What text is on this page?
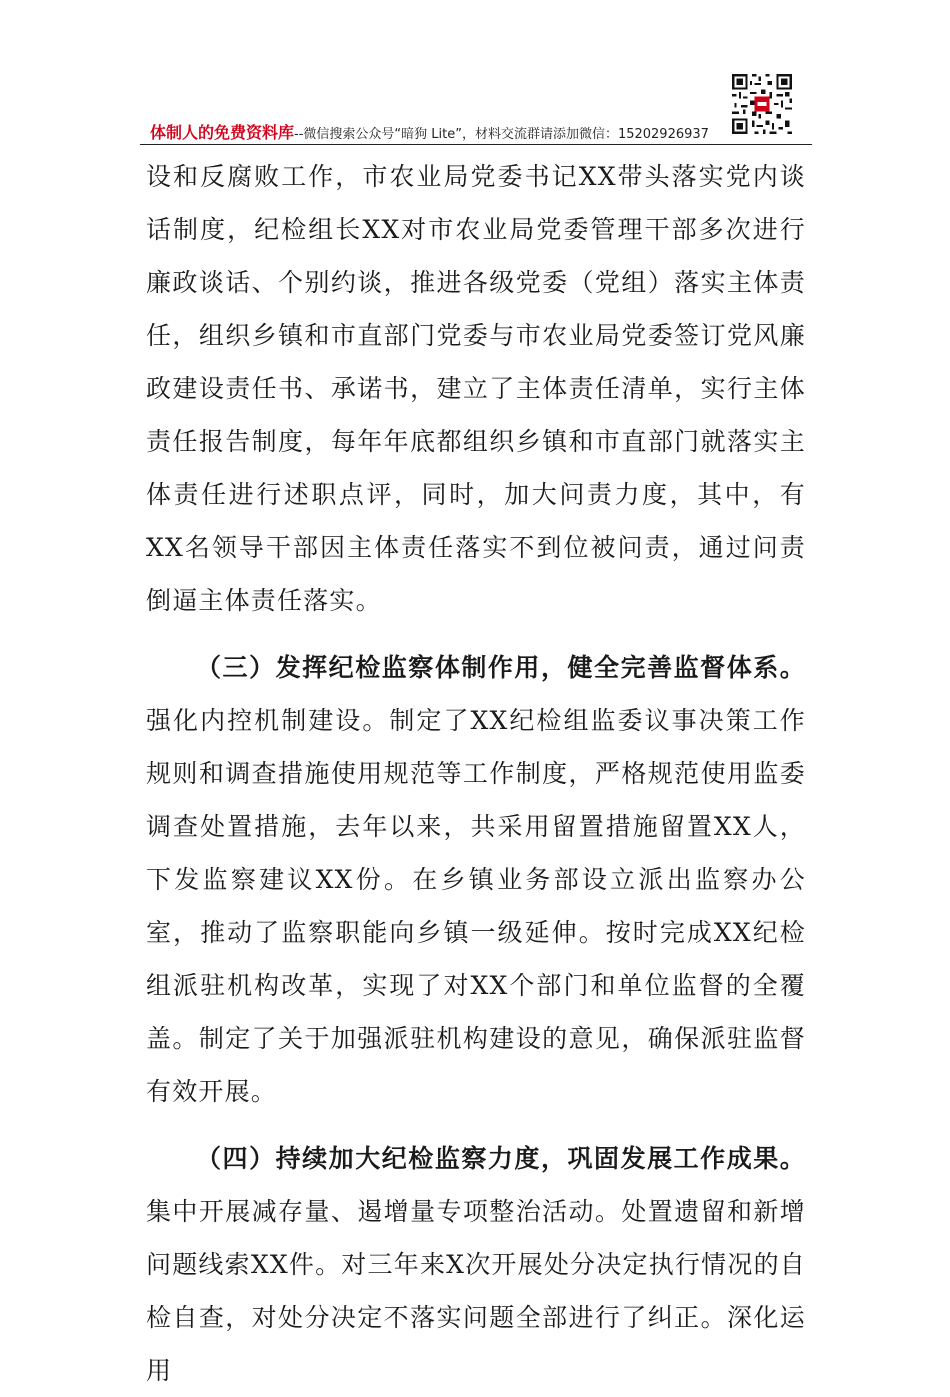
体制人的免费资料库--微信搜索公众号“暗狗 Lite”，材料交流群请添加微信：15202926937

设和反腐败工作，市农业局党委书记XX带头落实党内谈话制度，纪检组长XX对市农业局党委管理干部多次进行廉政谈话、个别约谈，推进各级党委（党组）落实主体责任，组织乡镇和市直部门党委与市农业局党委签订党风廉政建设责任书、承诺书，建立了主体责任清单，实行主体责任报告制度，每年年底都组织乡镇和市直部门就落实主体责任进行述职点评，同时，加大问责力度，其中，有XX名领导干部因主体责任落实不到位被问责，通过问责倒逼主体责任落实。

（三）发挥纪检监察体制作用，健全完善监督体系。强化内控机制建设。制定了XX纪检组监委议事决策工作规则和调查措施使用规范等工作制度，严格规范使用监委调查处置措施，去年以来，共采用留置措施留置XX人，下发监察建议XX份。在乡镇业务部设立派出监察办公室，推动了监察职能向乡镇一级延伸。按时完成XX纪检组派驻机构改革，实现了对XX个部门和单位监督的全覆盖。制定了关于加强派驻机构建设的意见，确保派驻监督有效开展。

（四）持续加大纪检监察力度，巩固发展工作成果。集中开展减存量、遏增量专项整治活动。处置遗留和新增问题线索XX件。对三年来X次开展处分决定执行情况的自检自查，对处分决定不落实问题全部进行了纠正。深化运用
